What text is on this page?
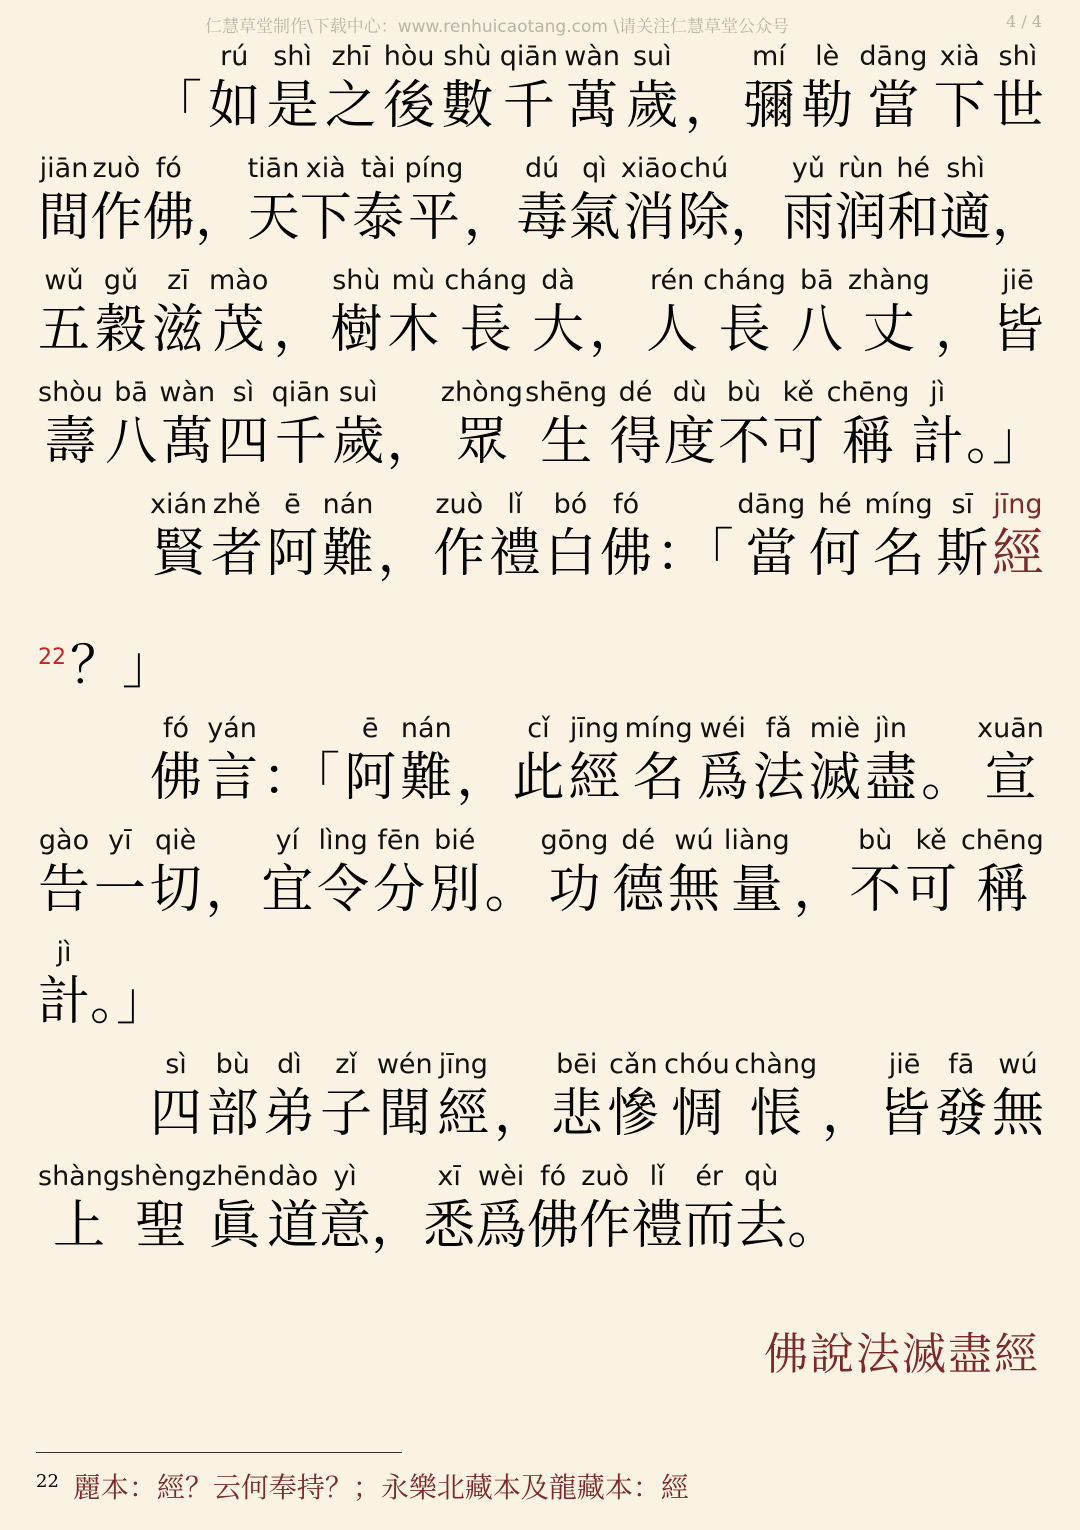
仁慧草堂制作\下载中心：www.renhuicaotang.com \请关注仁慧草堂公众号	4 / 4
「
rú
如
shì
是
zhī
之
hòu
後
shù
數
qiān
千
wàn
萬
suì
歲 ，
mí
彌
lè
勒
dāng
當
xià
下
shì
世
jiān
間
zuò
作
fó
佛 ，
tiān
天
xià
下
tài
泰
píng
平 ，
dú
毒
qì
氣
xiāo
消
chú
除 ，
yǔ
雨
rùn
润
hé
和
shì
適 ，
wǔ
五
gǔ
穀
zī
滋
mào
茂 ，
shù
樹
mù
木
cháng
長
dà
大 ，
rén
人
cháng
長
bā
八
zhàng
丈 ，
jiē
皆
shòu
壽
bā
八
wàn
萬
sì
四
qiān
千
suì
歲 ，
zhòng
眾
shēng
生
dé
得
dù
度
bù
不
kě
可
chēng
稱
jì
計 。」
xián
賢
zhě
者
ē
阿
nán
難 ，
zuò
作
lǐ
禮
bó
白
fó
佛 ：「
dāng
當
hé
何
míng
名
sī
斯
jīng
經
22 ？」
fó
佛
yán
言 ：「
ē
阿
nán
難 ，
cǐ
此
jīng
經
míng
名
wéi
爲
fǎ
法
miè
滅
jìn
盡 。
xuān
宣
gào
告
yī
一
qiè
切 ，
yí
宜
lìng
令
fēn
分
bié
別 。
gōng
功
dé
德
wú
無
liàng
量 ，
bù
不
kě
可
chēng
稱
jì
計 。」
sì
四
bù
部
dì
弟
zǐ
子
wén
聞
jīng
經 ，
bēi
悲
cǎn
慘
chóu
惆
chàng
悵 ，
jiē
皆
fā
發
wú
無
shàng
上
shèng
聖
zhēn
眞
dào
道
yì
意 ，
xī
悉
wèi
爲
fó
佛
zuò
作
lǐ
禮
ér
而
qù
去 。
佛說法滅盡經
$^{22}$ 麗本：經？云何奉持？；永樂北藏本及龍藏本：經
